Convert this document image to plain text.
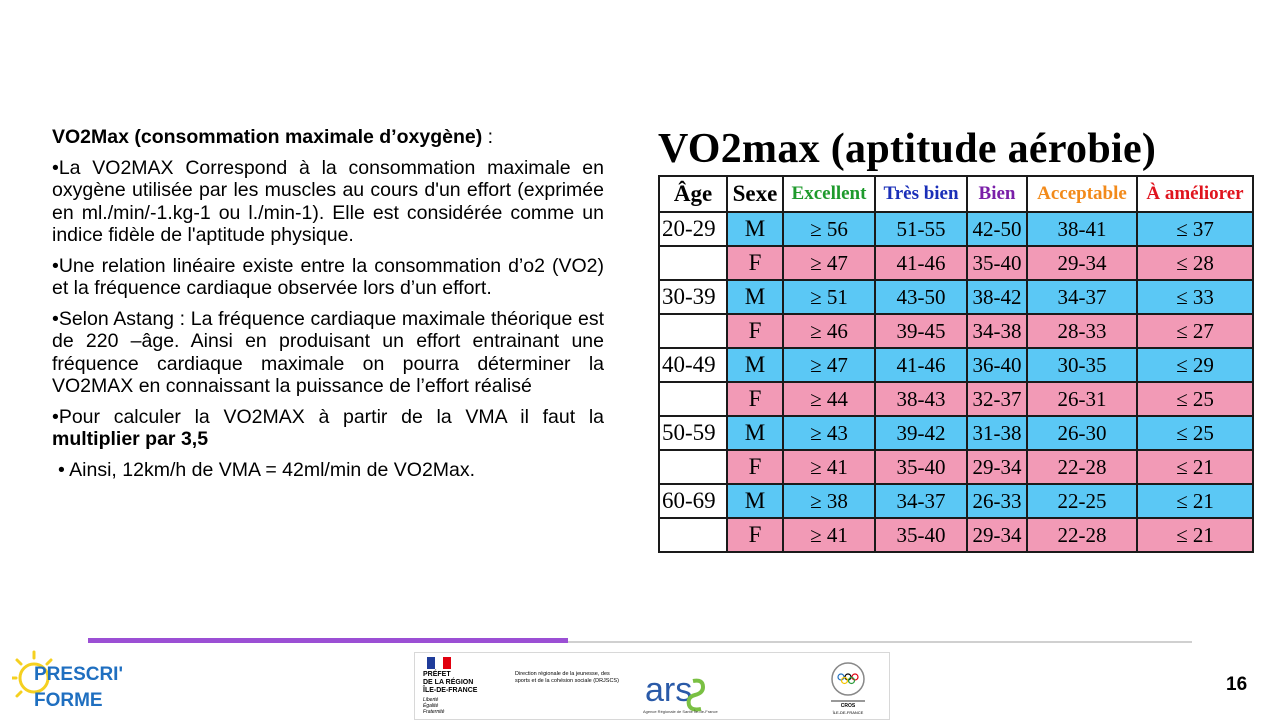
VO2Max (consommation maximale d’oxygène) :

•La VO2MAX Correspond à la consommation maximale en oxygène utilisée par les muscles au cours d'un effort (exprimée en ml./min/-1.kg-1 ou l./min-1). Elle est considérée comme un indice fidèle de l'aptitude physique.

•Une relation linéaire existe entre la consommation d’o2 (VO2) et la fréquence cardiaque observée lors d’un effort.

•Selon Astang : La fréquence cardiaque maximale théorique est de 220 –âge. Ainsi en produisant un effort entrainant une fréquence cardiaque maximale on pourra déterminer la VO2MAX en connaissant la puissance de l’effort réalisé

•Pour calculer la VO2MAX à partir de la VMA il faut la multiplier par 3,5

• Ainsi, 12km/h de VMA = 42ml/min de VO2Max.

VO2max (aptitude aérobie)
Âge	Sexe	Excellent	Très bien	Bien	Acceptable	À améliorer
20-29	M	≥ 56	51-55	42-50	38-41	≤ 37
	F	≥ 47	41-46	35-40	29-34	≤ 28
30-39	M	≥ 51	43-50	38-42	34-37	≤ 33
	F	≥ 46	39-45	34-38	28-33	≤ 27
40-49	M	≥ 47	41-46	36-40	30-35	≤ 29
	F	≥ 44	38-43	32-37	26-31	≤ 25
50-59	M	≥ 43	39-42	31-38	26-30	≤ 25
	F	≥ 41	35-40	29-34	22-28	≤ 21
60-69	M	≥ 38	34-37	26-33	22-25	≤ 21
	F	≥ 41	35-40	29-34	22-28	≤ 21
PRESCRI'
FORME
PRÉFET
DE LA RÉGION
ÎLE-DE-FRANCE
Liberté
Égalité
Fraternité
Direction régionale de la jeunesse, des sports et de la cohésion sociale (DRJSCS) ars
Agence Régionale de Santé Île-de-France
CROS
ÎLE-DE-FRANCE
16
